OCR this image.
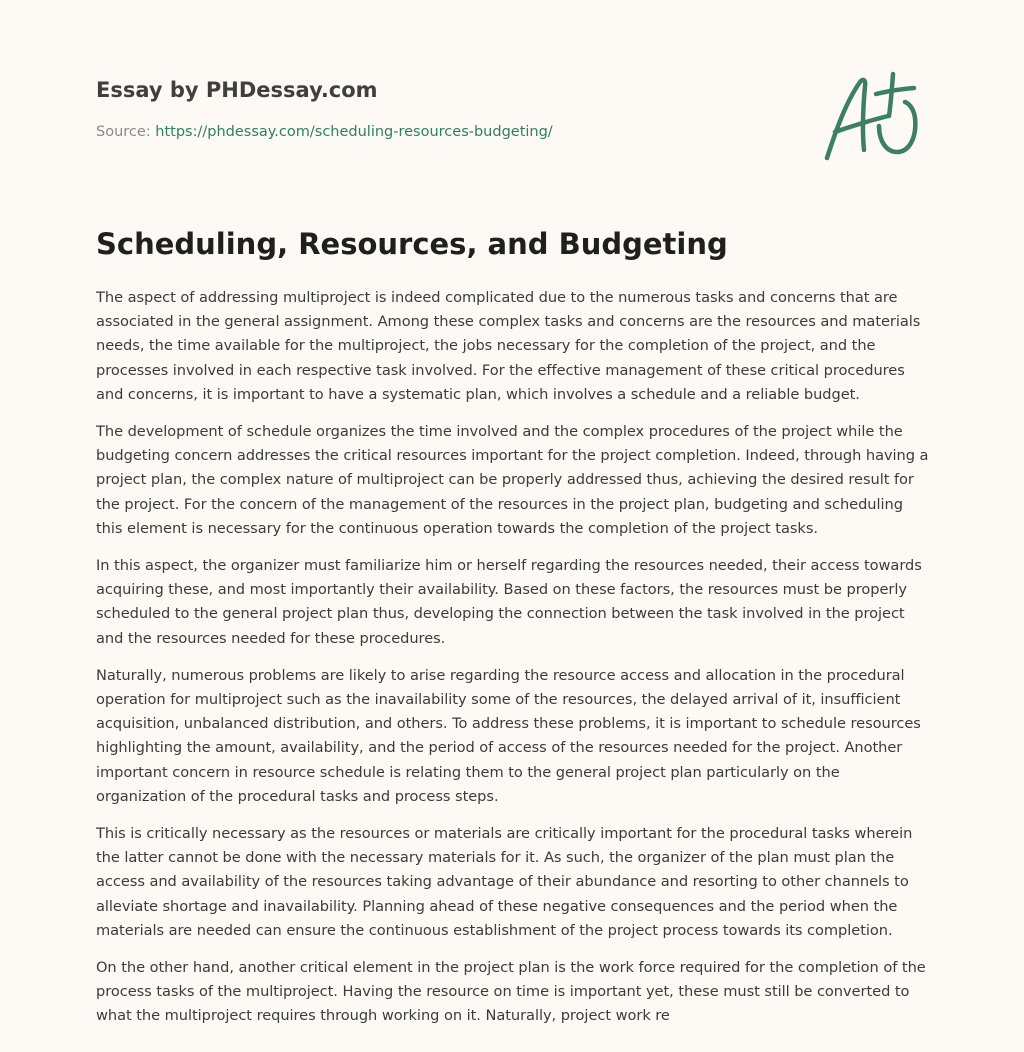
Essay by PHDessay.com
Source: https://phdessay.com/scheduling-resources-budgeting/
Scheduling, Resources, and Budgeting

The aspect of addressing multiproject is indeed complicated due to the numerous tasks and concerns that are associated in the general assignment. Among these complex tasks and concerns are the resources and materials needs, the time available for the multiproject, the jobs necessary for the completion of the project, and the processes involved in each respective task involved. For the effective management of these critical procedures and concerns, it is important to have a systematic plan, which involves a schedule and a reliable budget.

The development of schedule organizes the time involved and the complex procedures of the project while the budgeting concern addresses the critical resources important for the project completion. Indeed, through having a project plan, the complex nature of multiproject can be properly addressed thus, achieving the desired result for the project. For the concern of the management of the resources in the project plan, budgeting and scheduling this element is necessary for the continuous operation towards the completion of the project tasks.

In this aspect, the organizer must familiarize him or herself regarding the resources needed, their access towards acquiring these, and most importantly their availability. Based on these factors, the resources must be properly scheduled to the general project plan thus, developing the connection between the task involved in the project and the resources needed for these procedures.

Naturally, numerous problems are likely to arise regarding the resource access and allocation in the procedural operation for multiproject such as the inavailability some of the resources, the delayed arrival of it, insufficient acquisition, unbalanced distribution, and others. To address these problems, it is important to schedule resources highlighting the amount, availability, and the period of access of the resources needed for the project. Another important concern in resource schedule is relating them to the general project plan particularly on the organization of the procedural tasks and process steps.

This is critically necessary as the resources or materials are critically important for the procedural tasks wherein the latter cannot be done with the necessary materials for it. As such, the organizer of the plan must plan the access and availability of the resources taking advantage of their abundance and resorting to other channels to alleviate shortage and inavailability. Planning ahead of these negative consequences and the period when the materials are needed can ensure the continuous establishment of the project process towards its completion.

On the other hand, another critical element in the project plan is the work force required for the completion of the process tasks of the multiproject. Having the resource on time is important yet, these must still be converted to what the multiproject requires through working on it. Naturally, project work re
